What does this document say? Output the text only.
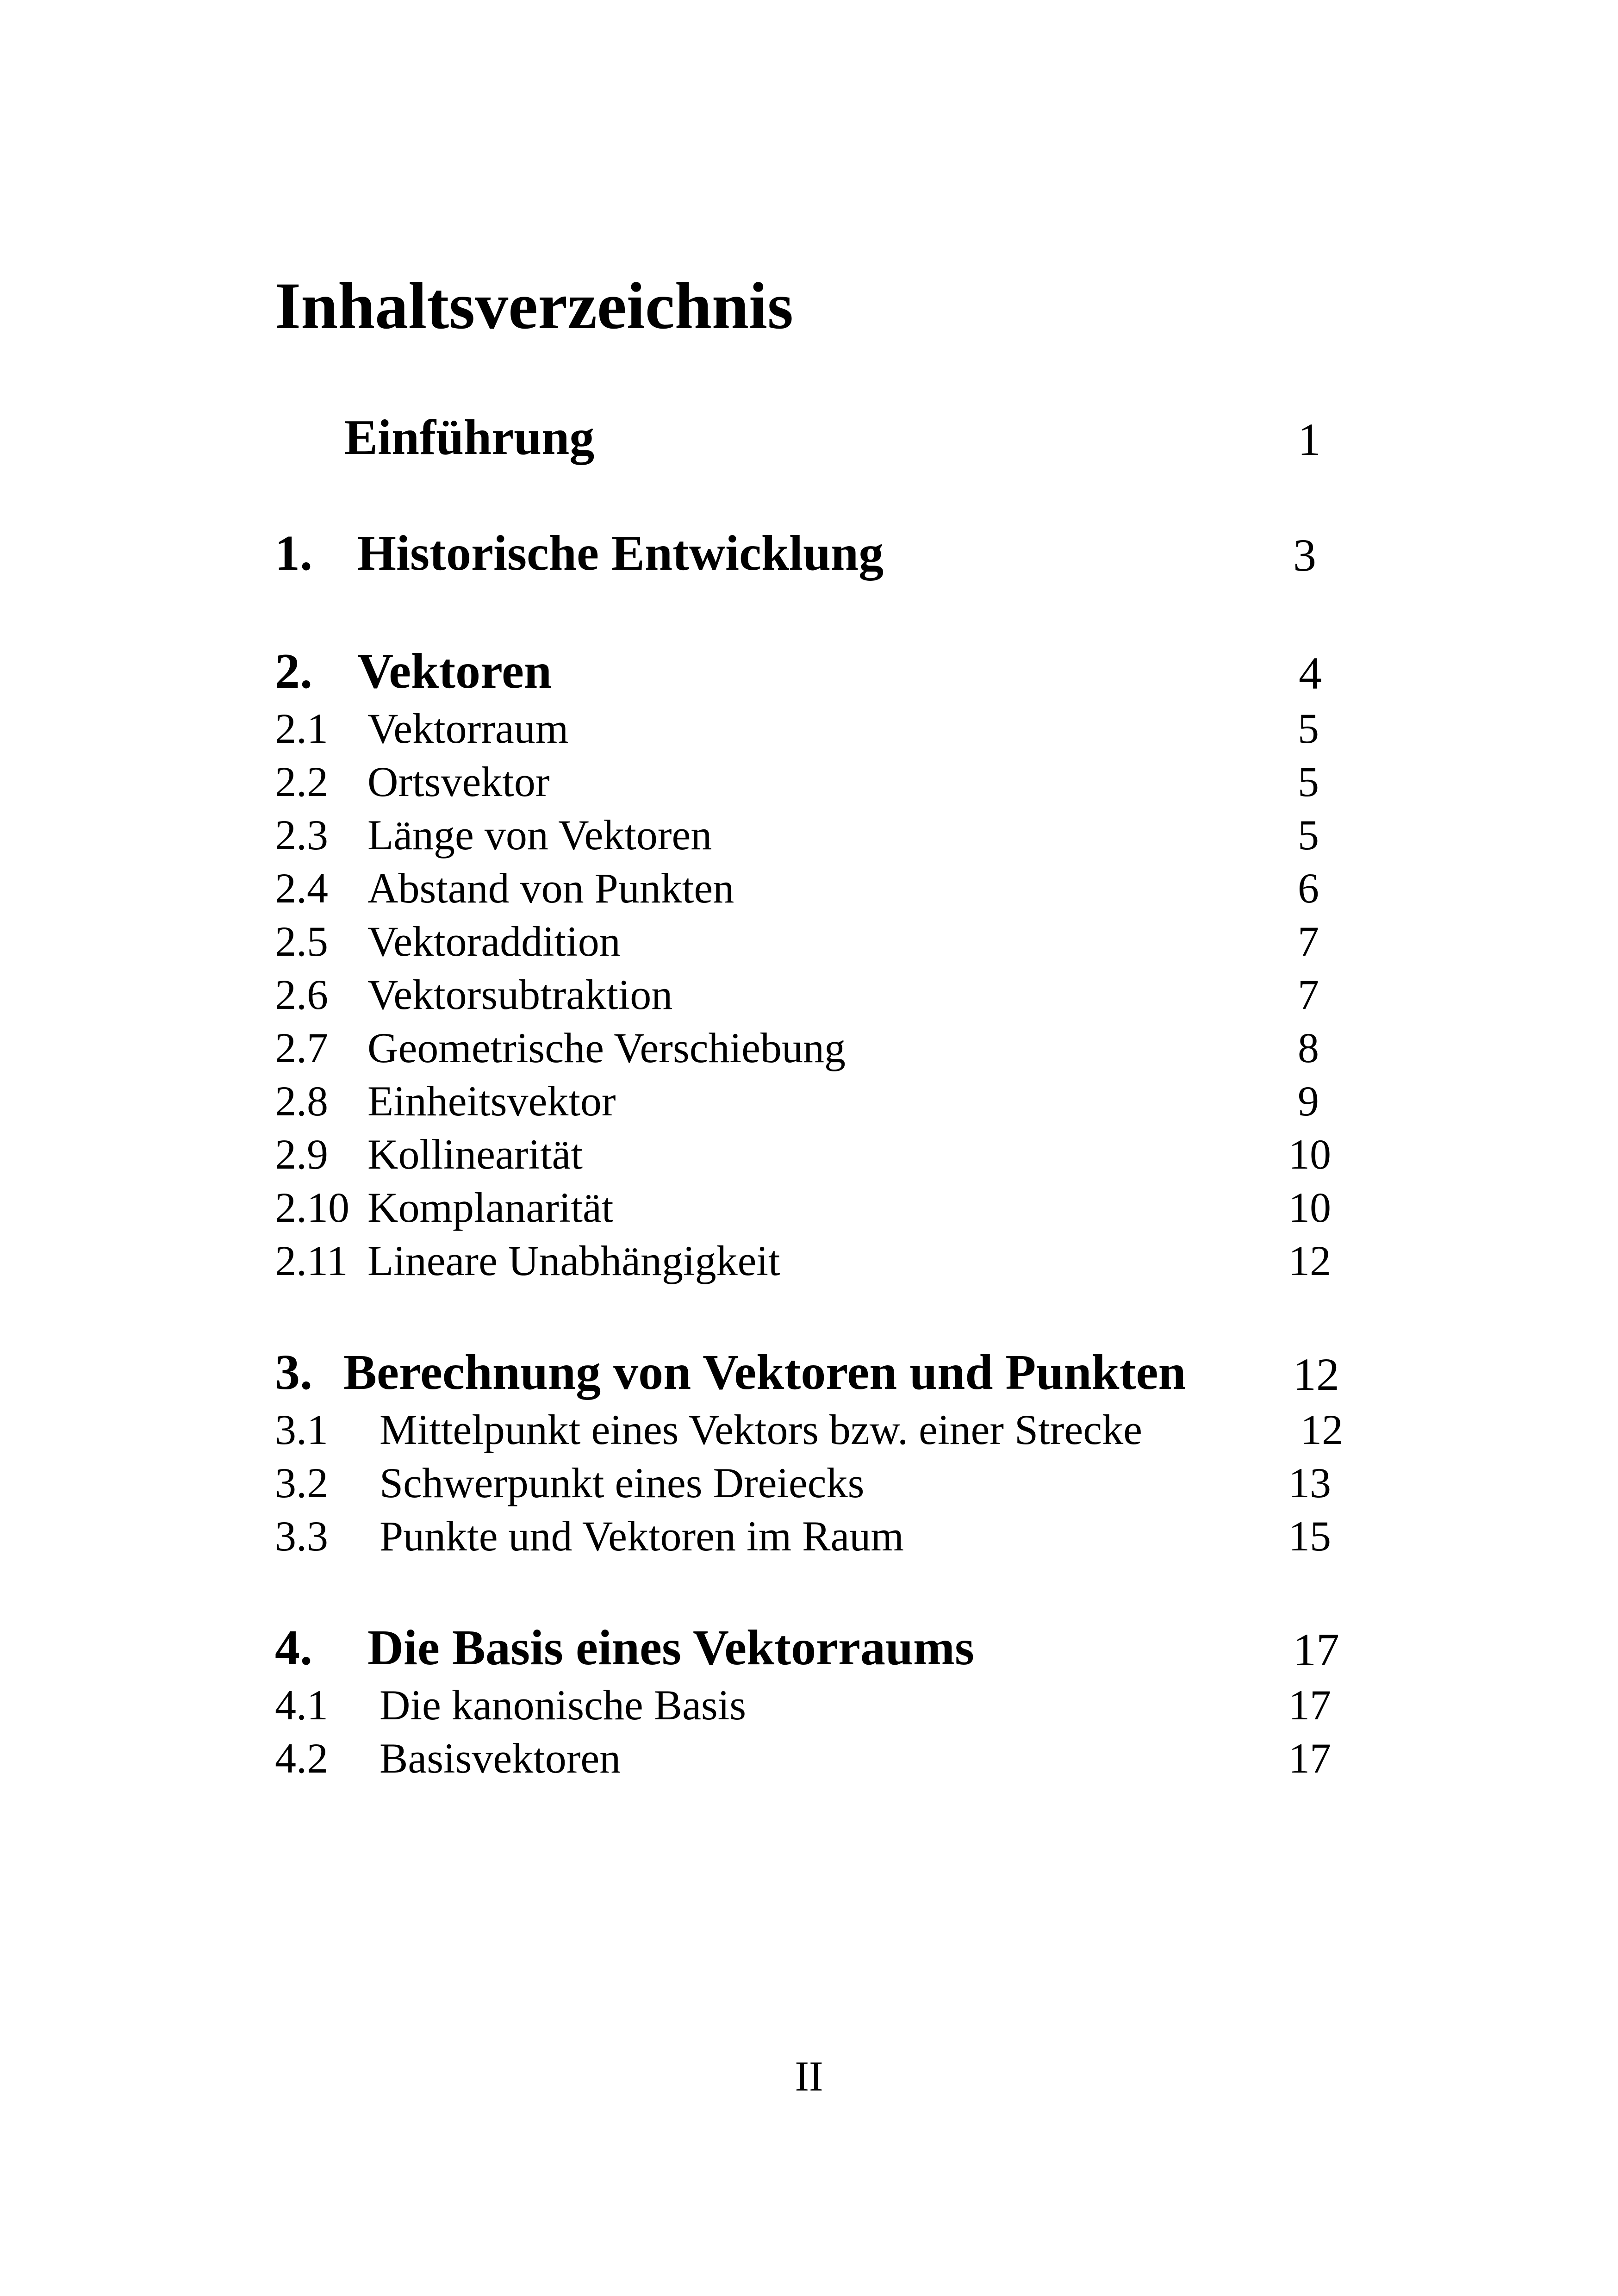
Inhaltsverzeichnis
Einführung	1
1. Historische Entwicklung	3
2. Vektoren	4
2.1 Vektorraum	5
2.2 Ortsvektor	5
2.3 Länge von Vektoren	5
2.4 Abstand von Punkten	6
2.5 Vektoraddition	7
2.6 Vektorsubtraktion	7
2.7 Geometrische Verschiebung	8
2.8 Einheitsvektor	9
2.9 Kollinearität	10
2.10 Komplanarität	10
2.11 Lineare Unabhängigkeit	12
3. Berechnung von Vektoren und Punkten 12
3.1 Mittelpunkt eines Vektors bzw. einer Strecke	12
3.2 Schwerpunkt eines Dreiecks	13
3.3 Punkte und Vektoren im Raum	15
4. Die Basis eines Vektorraums	17
4.1 Die kanonische Basis	17
4.2 Basisvektoren	17
II
